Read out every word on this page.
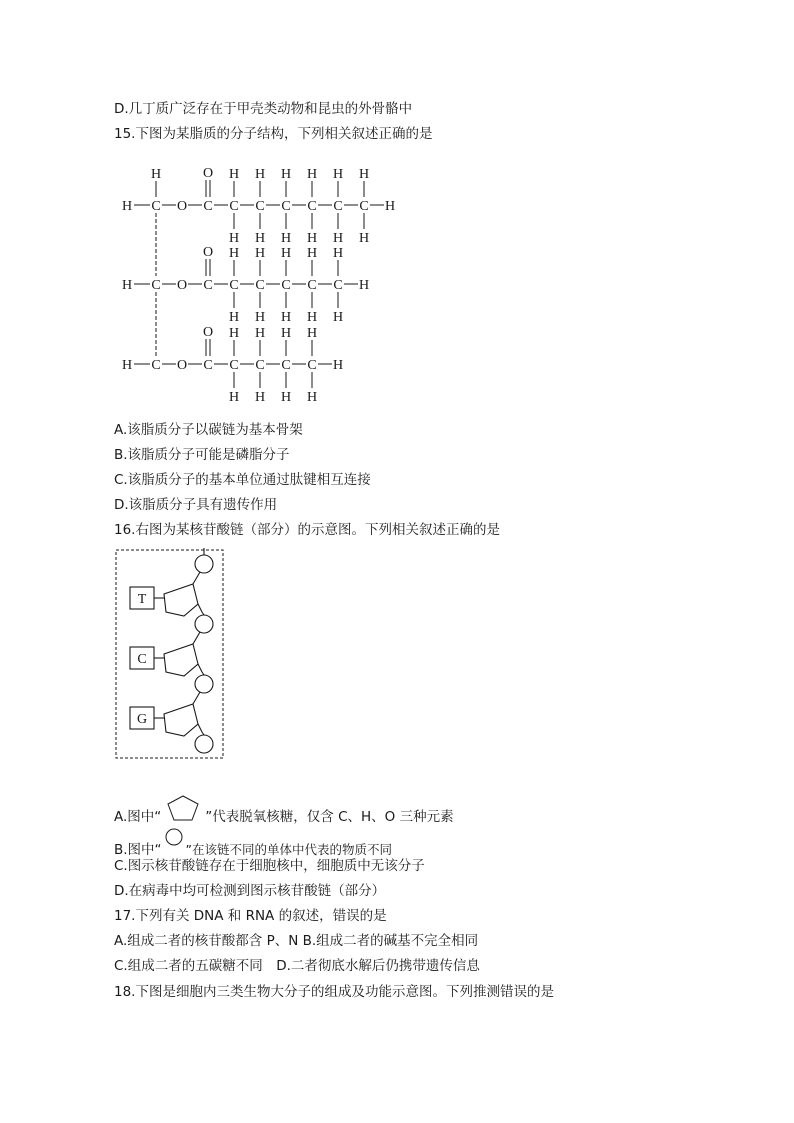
D.几丁质广泛存在于甲壳类动物和昆虫的外骨骼中
15.下图为某脂质的分子结构，下列相关叙述正确的是
H C O C
O
C
H
H
C
H
H
C
H
H
C
H
H
C
H
H
C
H
H
H
H C O C
O
C
H
H
C
H
H
C
H
H
C
H
H
C
H
H
H
H C O C
O
C
H
H
C
H
H
C
H
H
C
H
H
H
H
A.该脂质分子以碳链为基本骨架
B.该脂质分子可能是磷脂分子
C.该脂质分子的基本单位通过肽键相互连接
D.该脂质分子具有遗传作用
16.右图为某核苷酸链（部分）的示意图。下列相关叙述正确的是
T
C
G
A.图中“	”代表脱氧核糖，仅含 C、H、O 三种元素
B.图中“ ”在该链不同的单体中代表的物质不同
C.图示核苷酸链存在于细胞核中，细胞质中无该分子
D.在病毒中均可检测到图示核苷酸链（部分）
17.下列有关 DNA 和 RNA 的叙述，错误的是
A.组成二者的核苷酸都含 P、N B.组成二者的碱基不完全相同
C.组成二者的五碳糖不同　D.二者彻底水解后仍携带遗传信息
18.下图是细胞内三类生物大分子的组成及功能示意图。下列推测错误的是
